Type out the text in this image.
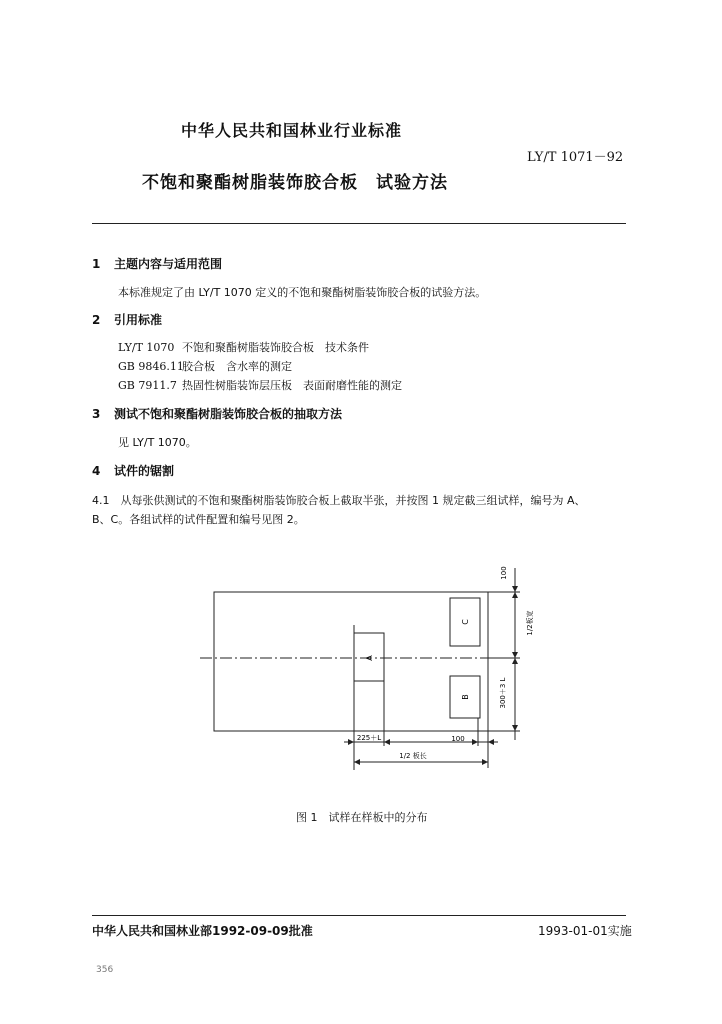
中华人民共和国林业行业标准
LY/T 1071－92
不饱和聚酯树脂装饰胶合板　试验方法
1 主题内容与适用范围
本标准规定了由 LY/T 1070 定义的不饱和聚酯树脂装饰胶合板的试验方法。
2 引用标准
LY/T 1070 不饱和聚酯树脂装饰胶合板　技术条件
GB 9846.11胶合板　含水率的测定
GB 7911.7 热固性树脂装饰层压板　表面耐磨性能的测定
3 测试不饱和聚酯树脂装饰胶合板的抽取方法
见 LY/T 1070。
4 试件的锯割
4.1　从每张供测试的不饱和聚酯树脂装饰胶合板上截取半张，并按图 1 规定截三组试样，编号为 A、
B、C。各组试样的试件配置和编号见图 2。
A
C
B
100
1/2板宽
300＋3 L
225＋L	100
1/2 板长
图 1　试样在样板中的分布
中华人民共和国林业部1992-09-09批准	1993-01-01实施
356
